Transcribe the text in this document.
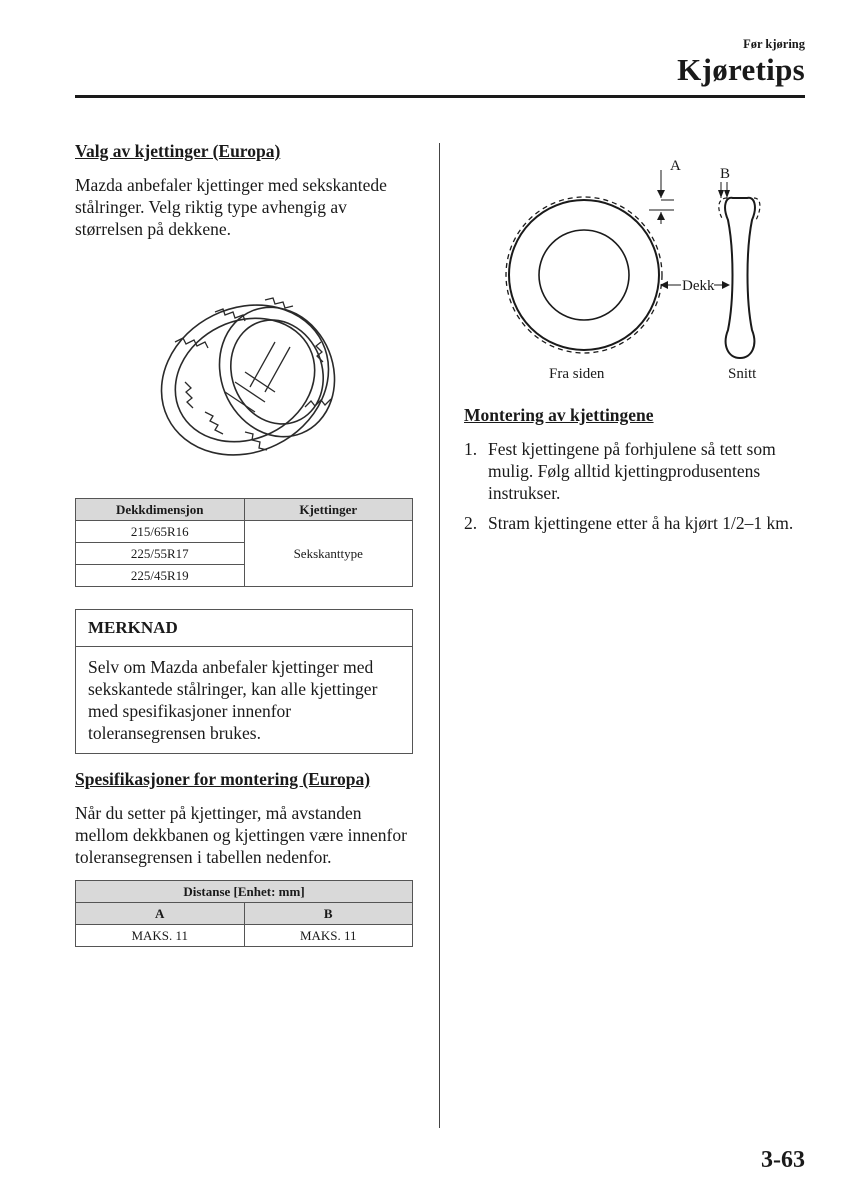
Før kjøring
Kjøretips

Valg av kjettinger (Europa)

Mazda anbefaler kjettinger med sekskantede stålringer. Velg riktig type avhengig av størrelsen på dekkene.

Dekkdimensjon	Kjettinger
215/65R16	Sekskanttype
225/55R17	
225/45R19	
MERKNAD
Selv om Mazda anbefaler kjettinger med sekskantede stålringer, kan alle kjettinger med spesifikasjoner innenfor toleransegrensen brukes.

Spesifikasjoner for montering (Europa)

Når du setter på kjettinger, må avstanden mellom dekkbanen og kjettingen være innenfor toleransegrensen i tabellen nedenfor.

Distanse [Enhet: mm]	
A	B
MAKS. 11	MAKS. 11
A	B
Dekk
Fra siden	Snitt

Montering av kjettingene

1. Fest kjettingene på forhjulene så tett som mulig. Følg alltid kjettingprodusentens instrukser.
2. Stram kjettingene etter å ha kjørt 1/2–1 km.
3-63
